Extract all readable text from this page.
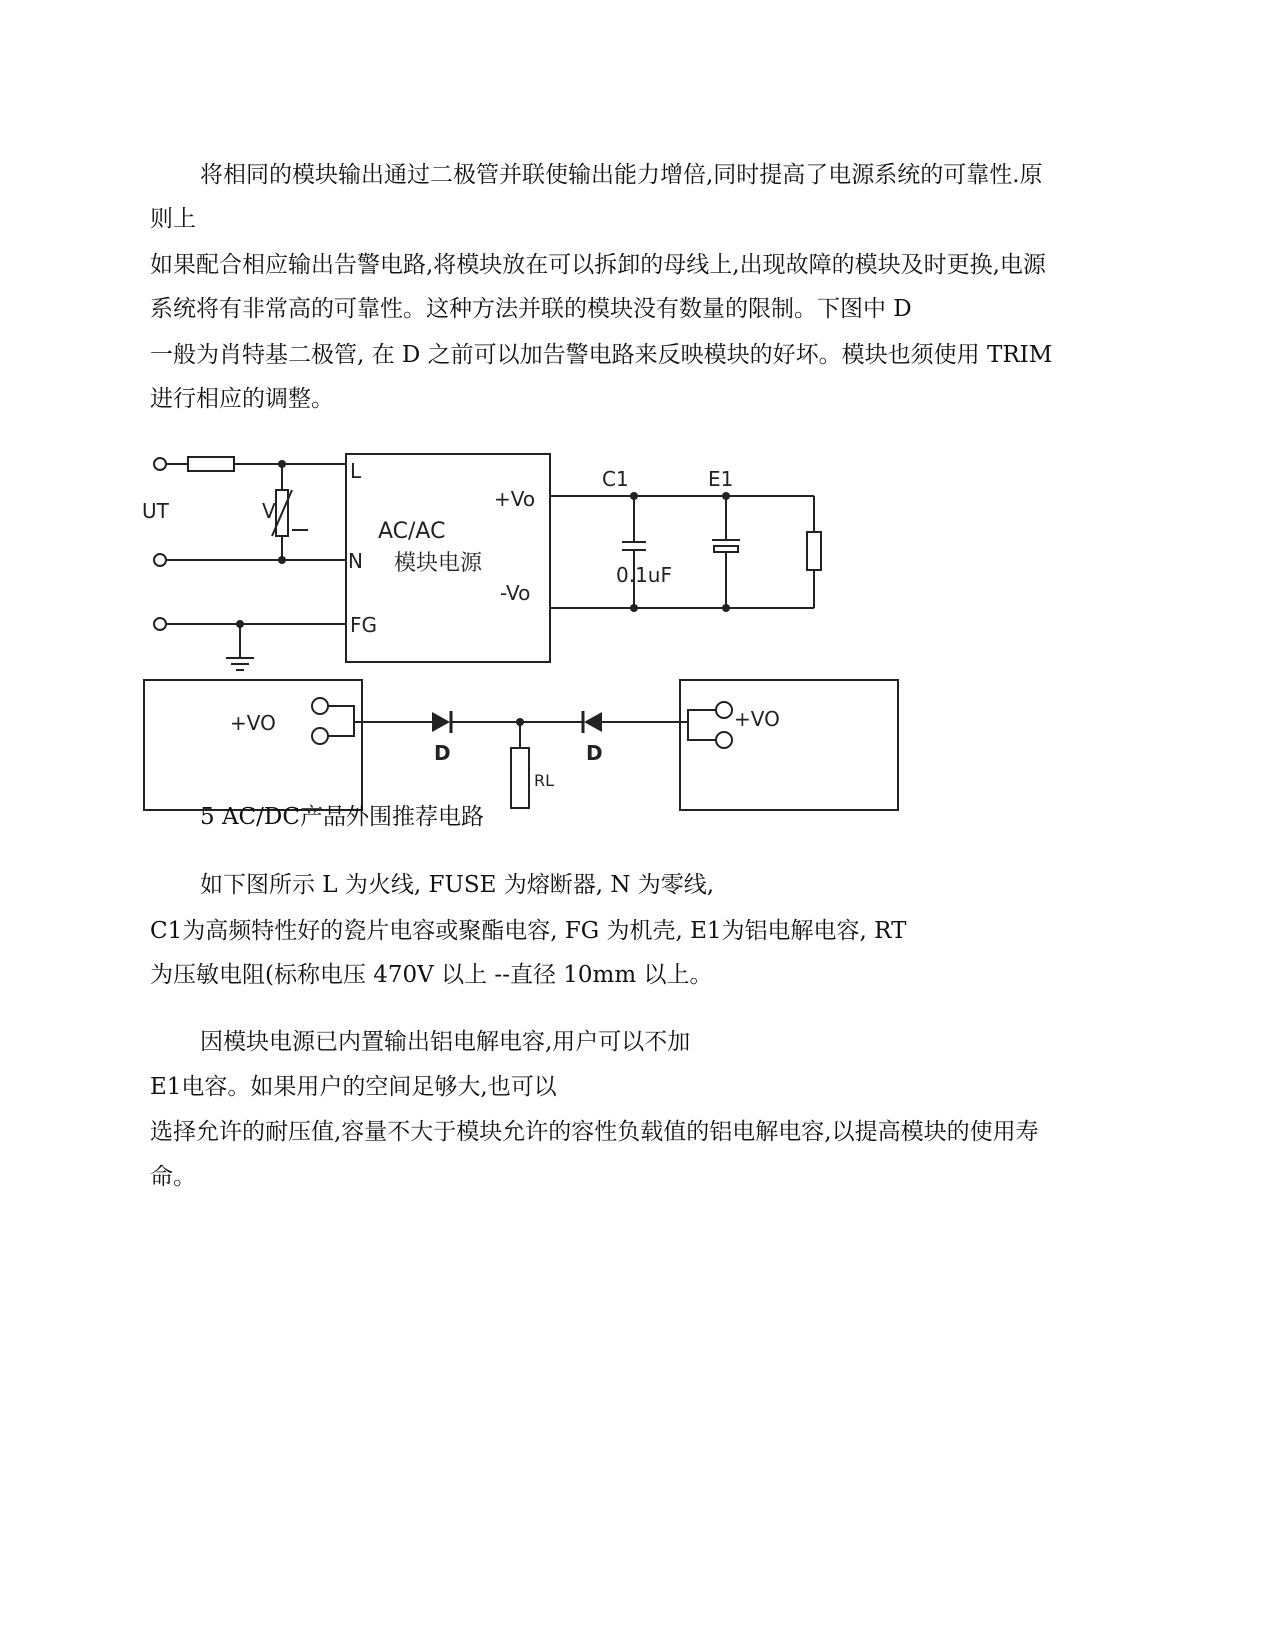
将相同的模块输出通过二极管并联使输出能力增倍,同时提高了电源系统的可靠性.原
则上
如果配合相应输出告警电路,将模块放在可以拆卸的母线上,出现故障的模块及时更换,电源
系统将有非常高的可靠性。这种方法并联的模块没有数量的限制。下图中 D
一般为肖特基二极管, 在 D 之前可以加告警电路来反映模块的好坏。模块也须使用 TRIM
进行相应的调整。
UT	V
L
N
FG
AC/AC
模块电源
+Vo
-Vo
C1	E1
0.1uF
+VO	+VO
D	D
RL
5 AC/DC产品外围推荐电路
如下图所示 L 为火线, FUSE 为熔断器, N 为零线,
C1为高频特性好的瓷片电容或聚酯电容, FG 为机壳, E1为铝电解电容, RT
为压敏电阻(标称电压 470V 以上 --直径 10mm 以上。
因模块电源已内置输出铝电解电容,用户可以不加
E1电容。如果用户的空间足够大,也可以
选择允许的耐压值,容量不大于模块允许的容性负载值的铝电解电容,以提高模块的使用寿
命。
